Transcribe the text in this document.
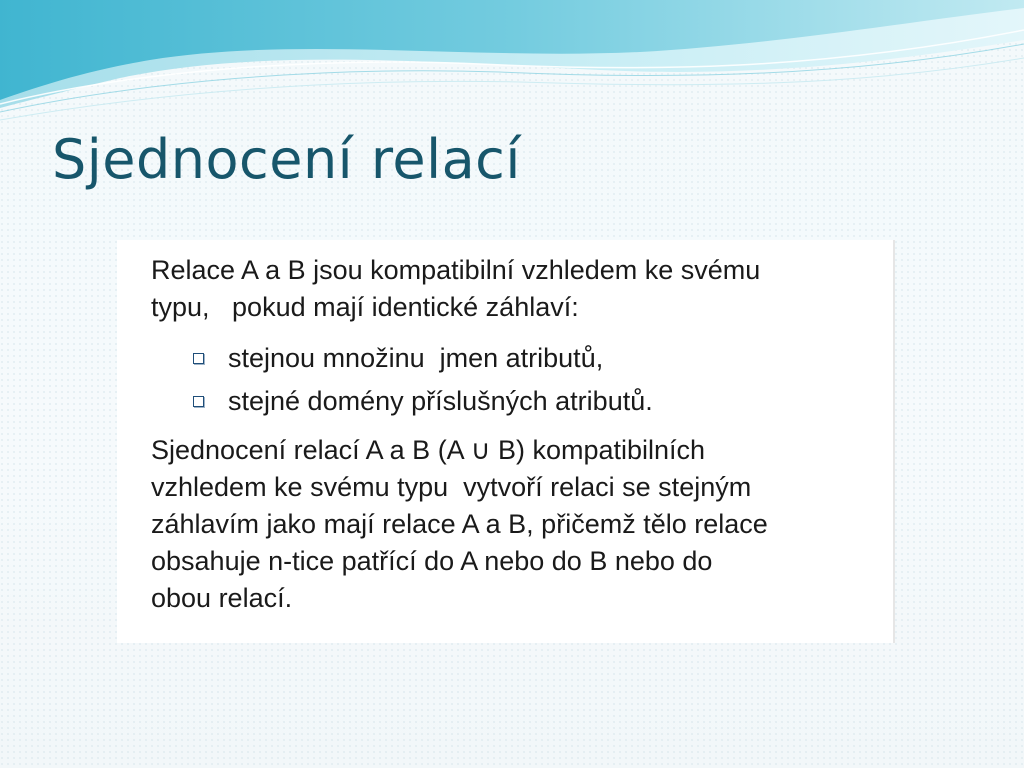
Sjednocení relací
Relace A a B jsou kompatibilní vzhledem ke svému
typu,   pokud mají identické záhlaví:
stejnou množinu  jmen atributů,
stejné domény příslušných atributů.
Sjednocení relací A a B (A ∪ B) kompatibilních
vzhledem ke svému typu  vytvoří relaci se stejným
záhlavím jako mají relace A a B, přičemž tělo relace
obsahuje n-tice patřící do A nebo do B nebo do
obou relací.
